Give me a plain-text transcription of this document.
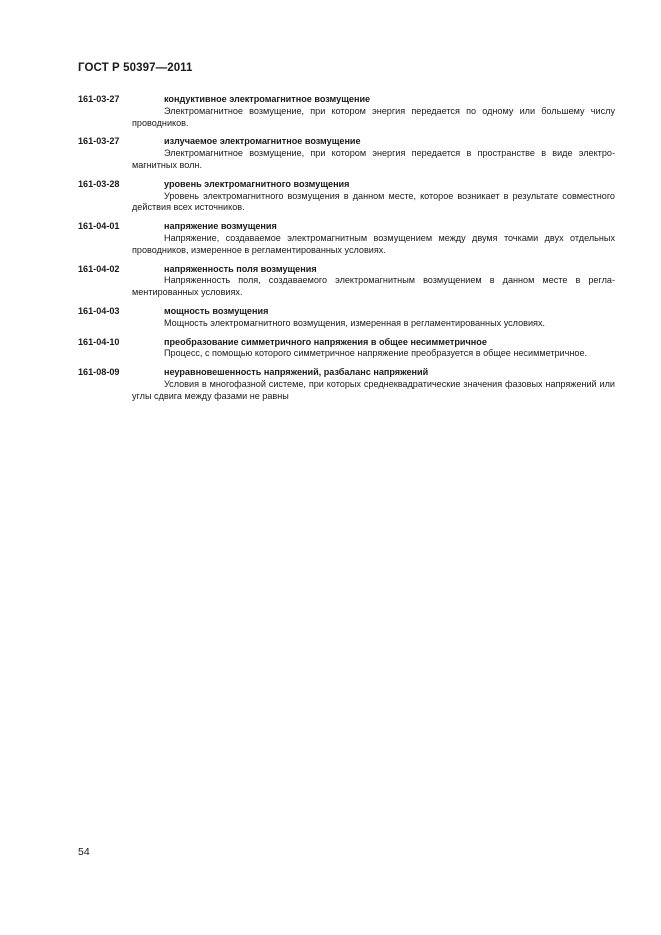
ГОСТ Р 50397—2011
161-03-27	кондуктивное электромагнитное возмущение
Электромагнитное возмущение, при котором энергия передается по одному или большему числу проводников.
161-03-27	излучаемое электромагнитное возмущение
Электромагнитное возмущение, при котором энергия передается в пространстве в виде электромагнитных волн.
161-03-28	уровень электромагнитного возмущения
Уровень электромагнитного возмущения в данном месте, которое возникает в результате совместного действия всех источников.
161-04-01	напряжение возмущения
Напряжение, создаваемое электромагнитным возмущением между двумя точками двух отдельных проводников, измеренное в регламентированных условиях.
161-04-02	напряженность поля возмущения
Напряженность поля, создаваемого электромагнитным возмущением в данном месте в регламентированных условиях.
161-04-03	мощность возмущения
Мощность электромагнитного возмущения, измеренная в регламентированных условиях.
161-04-10	преобразование симметричного напряжения в общее несимметричное
Процесс, с помощью которого симметричное напряжение преобразуется в общее несимметричное.
161-08-09	неуравновешенность напряжений, разбаланс напряжений
Условия в многофазной системе, при которых среднеквадратические значения фазовых напряжений или углы сдвига между фазами не равны
54
